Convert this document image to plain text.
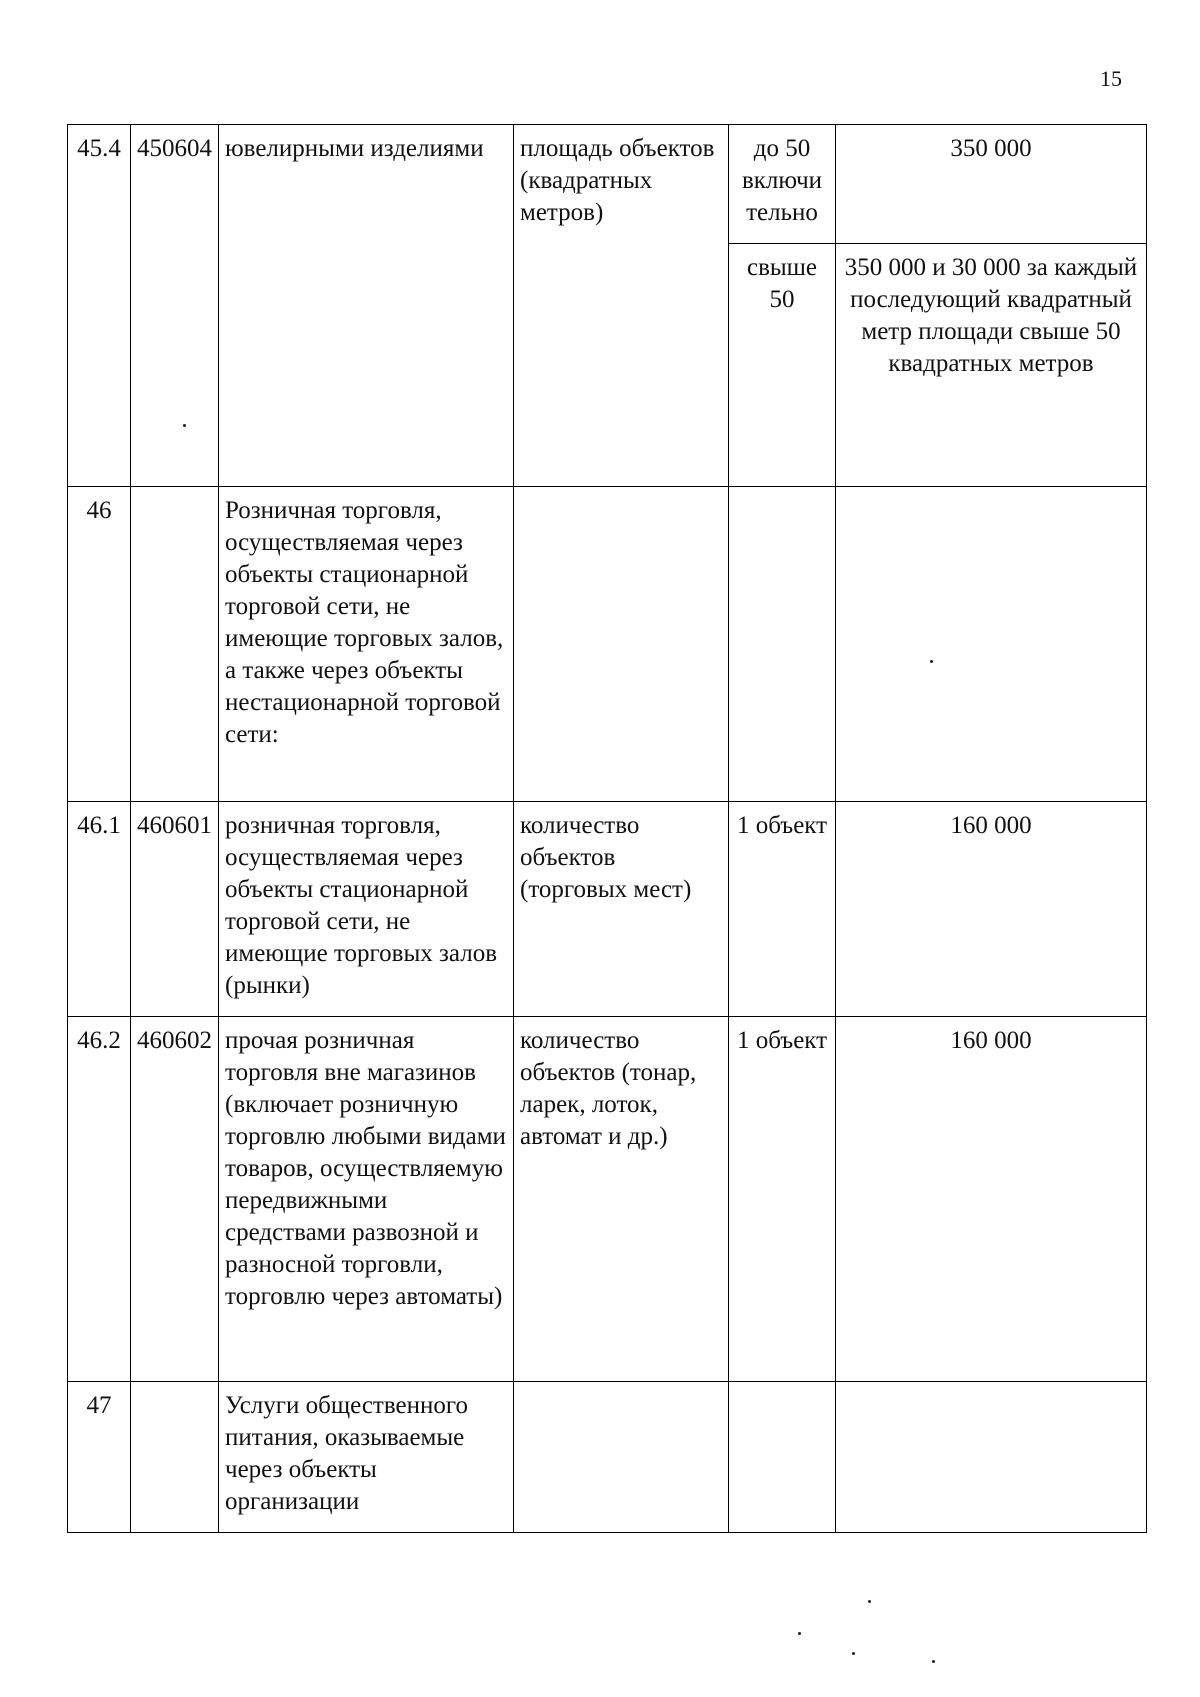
15
45.4	450604	ювелирными изделиями	площадь объектов (квадратных метров)	до 50 включи тельно	350 000
				свыше 50	350 000 и 30 000 за каждый последующий квадратный метр площади свыше 50 квадратных метров
46		Розничная торговля, осуществляемая через объекты стационарной торговой сети, не имеющие торговых залов, а также через объекты нестационарной торговой сети:			
46.1	460601	розничная торговля, осуществляемая через объекты стационарной торговой сети, не имеющие торговых залов (рынки)	количество объектов (торговых мест)	1 объект	160 000
46.2	460602	прочая розничная торговля вне магазинов (включает розничную торговлю любыми видами товаров, осуществляемую передвижными средствами развозной и разносной торговли, торговлю через автоматы)	количество объектов (тонар, ларек, лоток, автомат и др.)	1 объект	160 000
47		Услуги общественного питания, оказываемые через объекты организации			
